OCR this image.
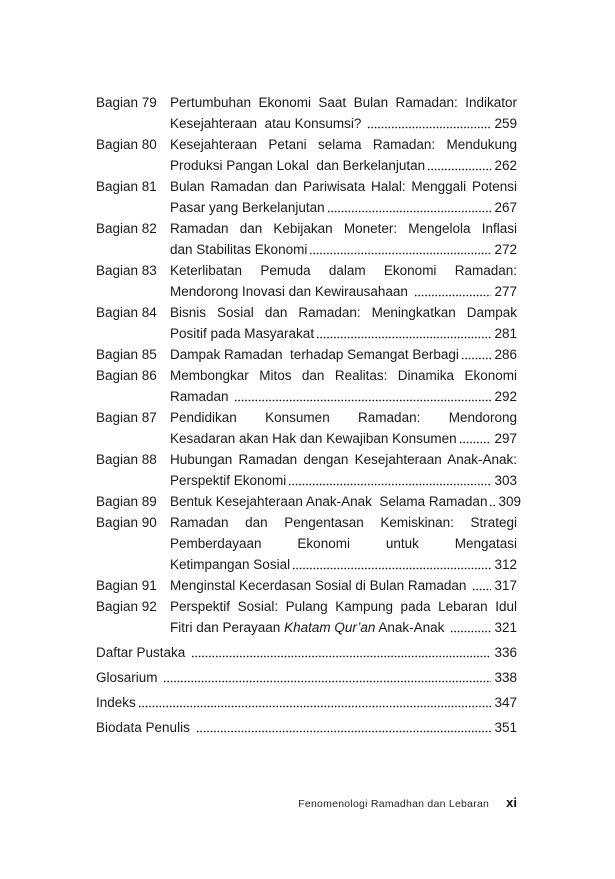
Bagian 79 Pertumbuhan Ekonomi Saat Bulan Ramadan: Indikator
Kesejahteraan  atau Konsumsi?	259
Bagian 80 Kesejahteraan Petani selama Ramadan: Mendukung
Produksi Pangan Lokal  dan Berkelanjutan	262
Bagian 81 Bulan Ramadan dan Pariwisata Halal: Menggali Potensi
Pasar yang Berkelanjutan	267
Bagian 82 Ramadan dan Kebijakan Moneter: Mengelola Inflasi
dan Stabilitas Ekonomi	272
Bagian 83 Keterlibatan Pemuda dalam Ekonomi Ramadan:
Mendorong Inovasi dan Kewirausahaan	277
Bagian 84 Bisnis Sosial dan Ramadan: Meningkatkan Dampak
Positif pada Masyarakat	281
Bagian 85 Dampak Ramadan  terhadap Semangat Berbagi	286
Bagian 86 Membongkar Mitos dan Realitas: Dinamika Ekonomi
Ramadan	292
Bagian 87 Pendidikan Konsumen Ramadan: Mendorong
Kesadaran akan Hak dan Kewajiban Konsumen	297
Bagian 88 Hubungan Ramadan dengan Kesejahteraan Anak-Anak:
Perspektif Ekonomi	303
Bagian 89 Bentuk Kesejahteraan Anak-Anak  Selama Ramadan 309
Bagian 90 Ramadan dan Pengentasan Kemiskinan: Strategi
Pemberdayaan Ekonomi untuk Mengatasi
Ketimpangan Sosial	312
Bagian 91 Menginstal Kecerdasan Sosial di Bulan Ramadan 317
Bagian 92 Perspektif Sosial: Pulang Kampung pada Lebaran Idul
Fitri dan Perayaan Khatam Qur’an Anak-Anak	321
Daftar Pustaka	336
Glosarium	338
Indeks	347
Biodata Penulis	351
Fenomenologi Ramadhan dan Lebaran xi
